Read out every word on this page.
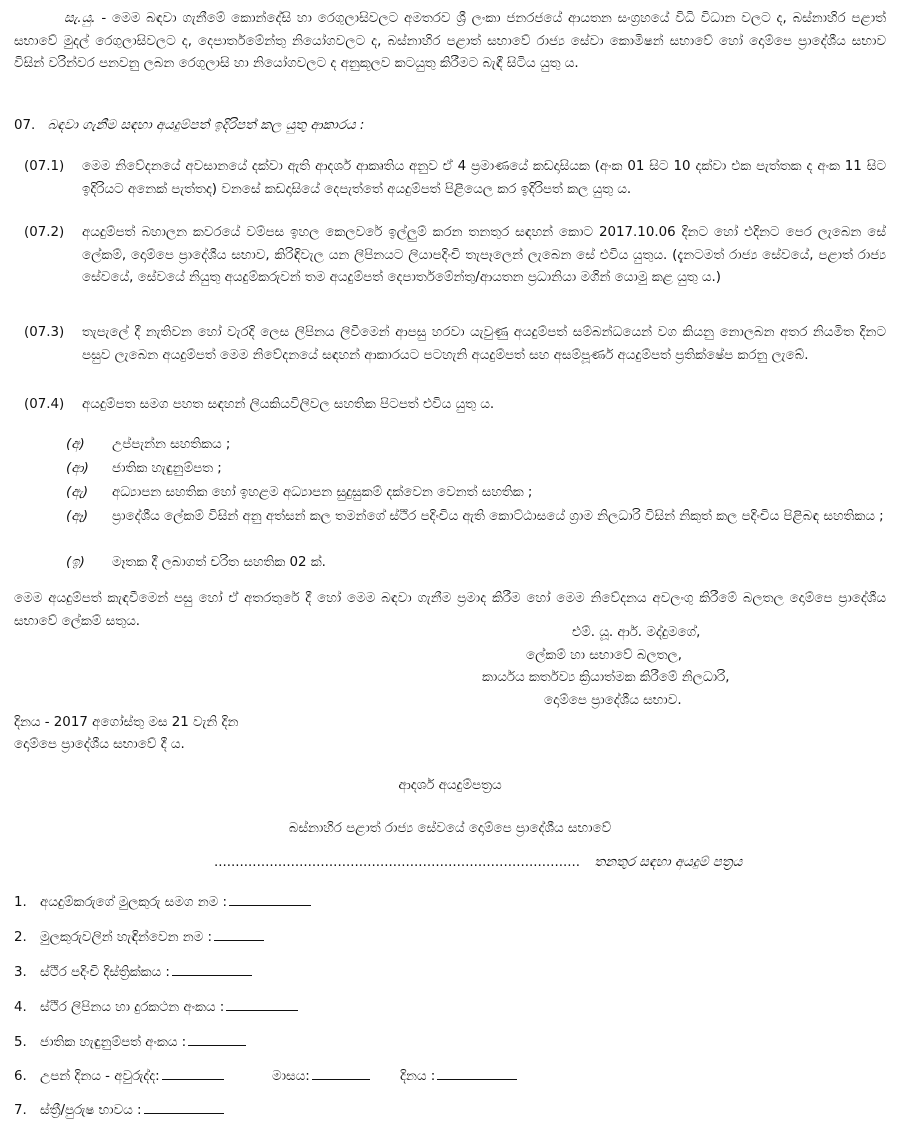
සැ.යු. - මෙම බඳවා ගැනීමේ කොන්දේසි හා රෙගුලාසිවලට අමතරව ශ්‍රී ලංකා ජනරජයේ ආයතන සංග්‍රහයේ විධි විධාන වලට ද, බස්නාහිර පළාත් සභාවේ මුදල් රෙගුලාසිවලට ද, දෙපාර්තමේන්තු නියෝගවලට ද, බස්නාහිර පළාත් සභාවේ රාජ්‍ය සේවා කොමිෂන් සභාවේ හෝ දොම්පෙ ප්‍රාදේශීය සභාව විසින් වරින්වර පනවනු ලබන රෙගුලාසි හා නියෝගවලට ද අනුකූලව කටයුතු කිරීමට බැඳී සිටිය යුතු ය.
07. බඳවා ගැනීම සඳහා අයදුම්පත් ඉදිරිපත් කල යුතු ආකාරය :
(07.1) මෙම නිවේදනයේ අවසානයේ දක්වා ඇති ආදර්ශ ආකෘතිය අනුව ඒ 4 ප්‍රමාණයේ කඩදාසියක (අංක 01 සිට 10 දක්වා එක පැත්තක ද අංක 11 සිට ඉදිරියට අනෙක් පැත්තද) වනසේ කඩදාසියේ දෙපැත්තේ අයදුම්පත් පිළියෙල කර ඉදිරිපත් කල යුතු ය.
(07.2) අයදුම්පත් බහාලන කවරයේ වම්පස ඉහල කෙලවරේ ඉල්ලුම් කරන තනතුර සඳහන් කොට 2017.10.06 දිනට හෝ එදිනට පෙර ලැබෙන සේ ලේකම්, දොම්පෙ ප්‍රාදේශීය සභාව, කිරිඳිවැල යන ලිපිනයට ලියාපදිංචි තැපෑලෙන් ලැබෙන සේ එවිය යුතුය. (දැනටමත් රාජ්‍ය සේවයේ, පළාත් රාජ්‍ය සේවයේ, සේවයේ නියුතු අයදුම්කරුවන් තම අයදුම්පත් දෙපාර්තමේන්තු/ආයතන ප්‍රධානියා මගින් යොමු කළ යුතු ය.)
(07.3) තැපැලේ දී නැතිවන හෝ වැරදි ලෙස ලිපිනය ලිවීමෙන් ආපසු හරවා යැවුණු අයදුම්පත් සම්බන්ධයෙන් වග කියනු නොලබන අතර නියමිත දිනට පසුව ලැබෙන අයදුම්පත් මෙම නිවේදනයේ සඳහන් ආකාරයට පටහැනි අයදුම්පත් සහ අසම්පූර්ණ අයදුම්පත් ප්‍රතික්ෂේප කරනු ලැබේ.
(07.4) අයදුම්පත සමග පහත සඳහන් ලියකියවිලිවල සහතික පිටපත් එවිය යුතු ය.
(අ) උප්පැන්න සහතිකය ;
(ආ) ජාතික හැඳුනුම්පත ;
(ඇ) අධ්‍යාපන සහතික හෝ ඉහළම අධ්‍යාපන සුදුසුකම් දක්වෙන වෙනත් සහතික ;
(ඈ) ප්‍රාදේශීය ලේකම් විසින් අනු අත්සන් කල තමන්ගේ ස්ථිර පදිංචිය ඇති කොට්ඨාසයේ ග්‍රාම නිලධාරි විසින් නිකුත් කල පදිංචිය පිළිබඳ සහතිකය ;
(ඉ) මෑතක දී ලබාගත් චරිත සහතික 02 ක්.
මෙම අයදුම්පත් කැඳවීමෙන් පසු හෝ ඒ අතරතුරේ දී හෝ මෙම බඳවා ගැනීම ප්‍රමාද කිරීම හෝ මෙම නිවේදනය අවලංගු කිරීමේ බලතල දොම්පෙ ප්‍රාදේශීය සභාවේ ලේකම් සතුය.
එම්. යූ. ආර්. මද්දුමගේ,
ලේකම් හා සභාවේ බලතල,
කාර්යය කර්තව්‍ය ක්‍රියාත්මක කිරීමේ නිලධාරි,
දොම්පෙ ප්‍රාදේශීය සභාව.
දිනය - 2017 අගෝස්තු මස 21 වැනි දින
දොම්පෙ ප්‍රාදේශීය සභාවේ දී ය.
ආදර්ශ අයදුම්පත්‍රය
බස්නාහිර පළාත් රාජ්‍ය සේවයේ දොම්පෙ ප්‍රාදේශීය සභාවේ
...................................................................................... තනතුර සඳහා අයදුම් පත්‍රය
1. අයදුම්කරුගේ මුලකුරු සමග නම :
2. මුලකුරුවලින් හැඳින්වෙන නම :
3. ස්ථිර පදිංචි දිස්ත්‍රික්කය :
4. ස්ථිර ලිපිනය හා දුරකථන අංකය :
5. ජාතික හැඳුනුම්පත් අංකය :
6. උපන් දිනය - අවුරුද්ද:	මාසය:	දිනය :
7. ස්ත්‍රී/පුරුෂ භාවය :
